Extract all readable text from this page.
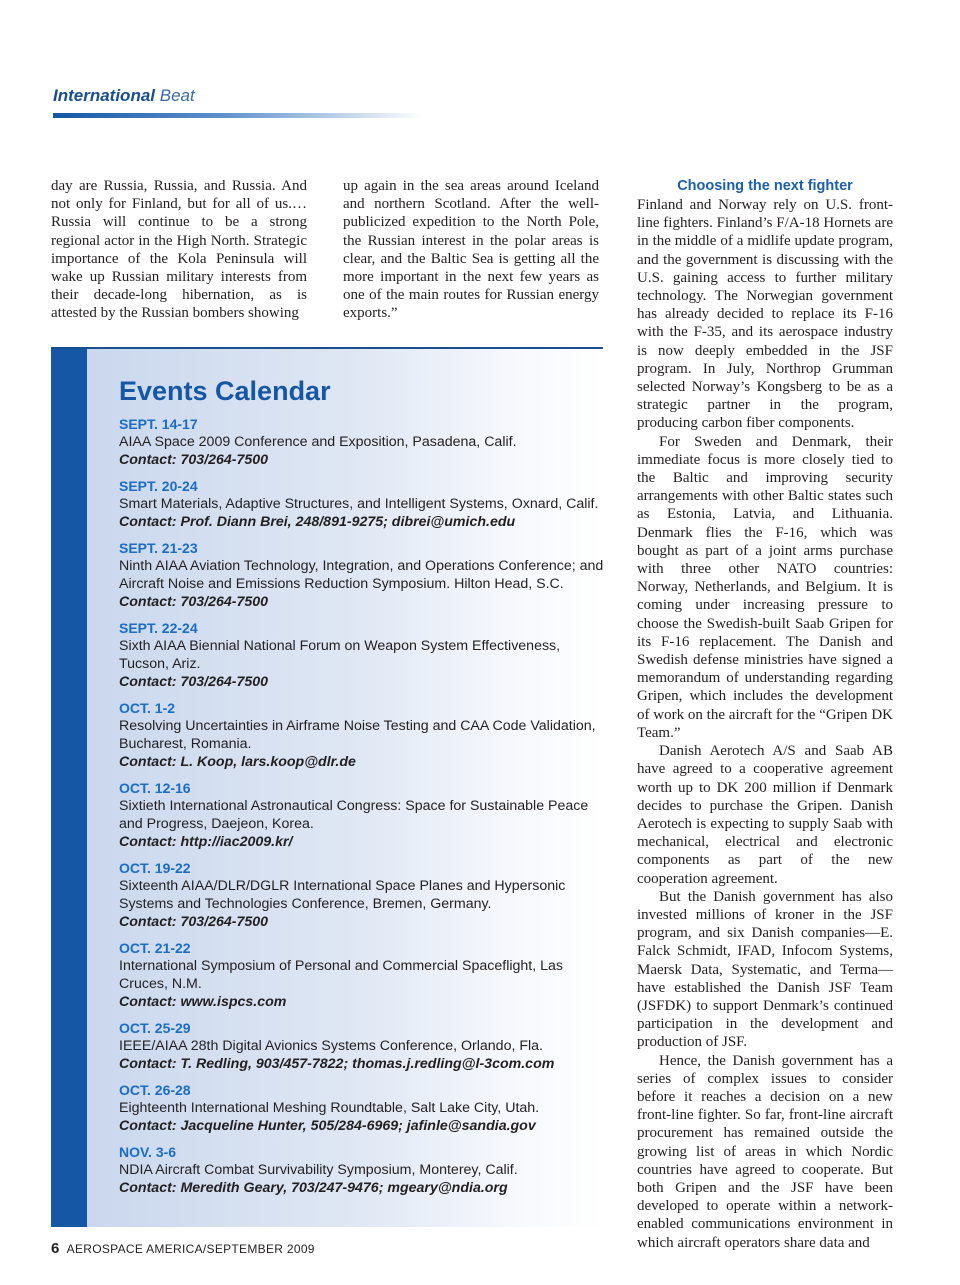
International Beat

day are Russia, Russia, and Russia. And not only for Finland, but for all of us.… Russia will continue to be a strong regional actor in the High North. Strategic importance of the Kola Peninsula will wake up Russian military interests from their decade-long hibernation, as is attested by the Russian bombers showing

up again in the sea areas around Iceland and northern Scotland. After the well-publicized expedition to the North Pole, the Russian interest in the polar areas is clear, and the Baltic Sea is getting all the more important in the next few years as one of the main routes for Russian energy exports.”

Choosing the next fighter

Finland and Norway rely on U.S. front-line fighters. Finland’s F/A-18 Hornets are in the middle of a midlife update program, and the government is discussing with the U.S. gaining access to further military technology. The Norwegian government has already decided to replace its F-16 with the F-35, and its aerospace industry is now deeply embedded in the JSF program. In July, Northrop Grumman selected Norway’s Kongsberg to be as a strategic partner in the program, producing carbon fiber components.

For Sweden and Denmark, their immediate focus is more closely tied to the Baltic and improving security arrangements with other Baltic states such as Estonia, Latvia, and Lithuania. Denmark flies the F-16, which was bought as part of a joint arms purchase with three other NATO countries: Norway, Netherlands, and Belgium. It is coming under increasing pressure to choose the Swedish-built Saab Gripen for its F-16 replacement. The Danish and Swedish defense ministries have signed a memorandum of understanding regarding Gripen, which includes the development of work on the aircraft for the “Gripen DK Team.”

Danish Aerotech A/S and Saab AB have agreed to a cooperative agreement worth up to DK 200 million if Denmark decides to purchase the Gripen. Danish Aerotech is expecting to supply Saab with mechanical, electrical and electronic components as part of the new cooperation agreement.

But the Danish government has also invested millions of kroner in the JSF program, and six Danish companies—E. Falck Schmidt, IFAD, Infocom Systems, Maersk Data, Systematic, and Terma—have established the Danish JSF Team (JSFDK) to support Denmark’s continued participation in the development and production of JSF.

Hence, the Danish government has a series of complex issues to consider before it reaches a decision on a new front-line fighter. So far, front-line aircraft procurement has remained outside the growing list of areas in which Nordic countries have agreed to cooperate. But both Gripen and the JSF have been developed to operate within a network-enabled communications environment in which aircraft operators share data and

Events Calendar
SEPT. 14-17
AIAA Space 2009 Conference and Exposition, Pasadena, Calif.
Contact: 703/264-7500
SEPT. 20-24
Smart Materials, Adaptive Structures, and Intelligent Systems, Oxnard, Calif.
Contact: Prof. Diann Brei, 248/891-9275; dibrei@umich.edu
SEPT. 21-23
Ninth AIAA Aviation Technology, Integration, and Operations Conference; and Aircraft Noise and Emissions Reduction Symposium. Hilton Head, S.C.
Contact: 703/264-7500
SEPT. 22-24
Sixth AIAA Biennial National Forum on Weapon System Effectiveness, Tucson, Ariz.
Contact: 703/264-7500
OCT. 1-2
Resolving Uncertainties in Airframe Noise Testing and CAA Code Validation, Bucharest, Romania.
Contact: L. Koop, lars.koop@dlr.de
OCT. 12-16
Sixtieth International Astronautical Congress: Space for Sustainable Peace and Progress, Daejeon, Korea.
Contact: http://iac2009.kr/
OCT. 19-22
Sixteenth AIAA/DLR/DGLR International Space Planes and Hypersonic Systems and Technologies Conference, Bremen, Germany.
Contact: 703/264-7500
OCT. 21-22
International Symposium of Personal and Commercial Spaceflight, Las Cruces, N.M.
Contact: www.ispcs.com
OCT. 25-29
IEEE/AIAA 28th Digital Avionics Systems Conference, Orlando, Fla.
Contact: T. Redling, 903/457-7822; thomas.j.redling@l-3com.com
OCT. 26-28
Eighteenth International Meshing Roundtable, Salt Lake City, Utah.
Contact: Jacqueline Hunter, 505/284-6969; jafinle@sandia.gov
NOV. 3-6
NDIA Aircraft Combat Survivability Symposium, Monterey, Calif.
Contact: Meredith Geary, 703/247-9476; mgeary@ndia.org
6 AEROSPACE AMERICA/SEPTEMBER 2009
